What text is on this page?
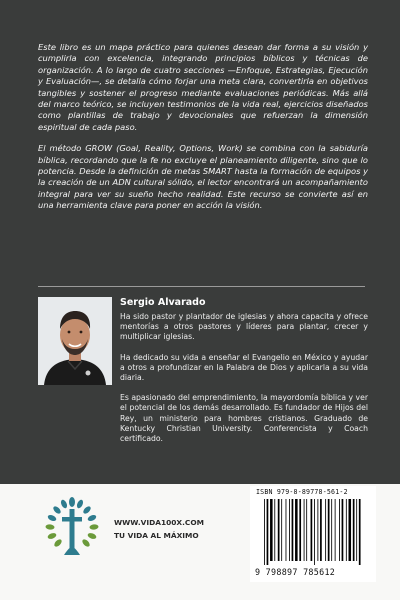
Este libro es un mapa práctico para quienes desean dar forma a su visión y cumplirla con excelencia, integrando principios bíblicos y técnicas de organización. A lo largo de cuatro secciones —Enfoque, Estrategias, Ejecución y Evaluación—, se detalla cómo forjar una meta clara, convertirla en objetivos tangibles y sostener el progreso mediante evaluaciones periódicas. Más allá del marco teórico, se incluyen testimonios de la vida real, ejercicios diseñados como plantillas de trabajo y devocionales que refuerzan la dimensión espiritual de cada paso.

El método GROW (Goal, Reality, Options, Work) se combina con la sabiduría bíblica, recordando que la fe no excluye el planeamiento diligente, sino que lo potencia. Desde la definición de metas SMART hasta la formación de equipos y la creación de un ADN cultural sólido, el lector encontrará un acompañamiento integral para ver su sueño hecho realidad. Este recurso se convierte así en una herramienta clave para poner en acción la visión.

Sergio Alvarado

Ha sido pastor y plantador de iglesias y ahora capacita y ofrece mentorías a otros pastores y líderes para plantar, crecer y multiplicar iglesias.

Ha dedicado su vida a enseñar el Evangelio en México y ayudar a otros a profundizar en la Palabra de Dios y aplicarla a su vida diaria.

Es apasionado del emprendimiento, la mayordomía bíblica y ver el potencial de los demás desarrollado. Es fundador de Hijos del Rey, un ministerio para hombres cristianos. Graduado de Kentucky Christian University. Conferencista y Coach certificado.

WWW.VIDA100X.COM
TU VIDA AL MÁXIMO
ISBN 979-8-89778-561-2
9 798897 785612
